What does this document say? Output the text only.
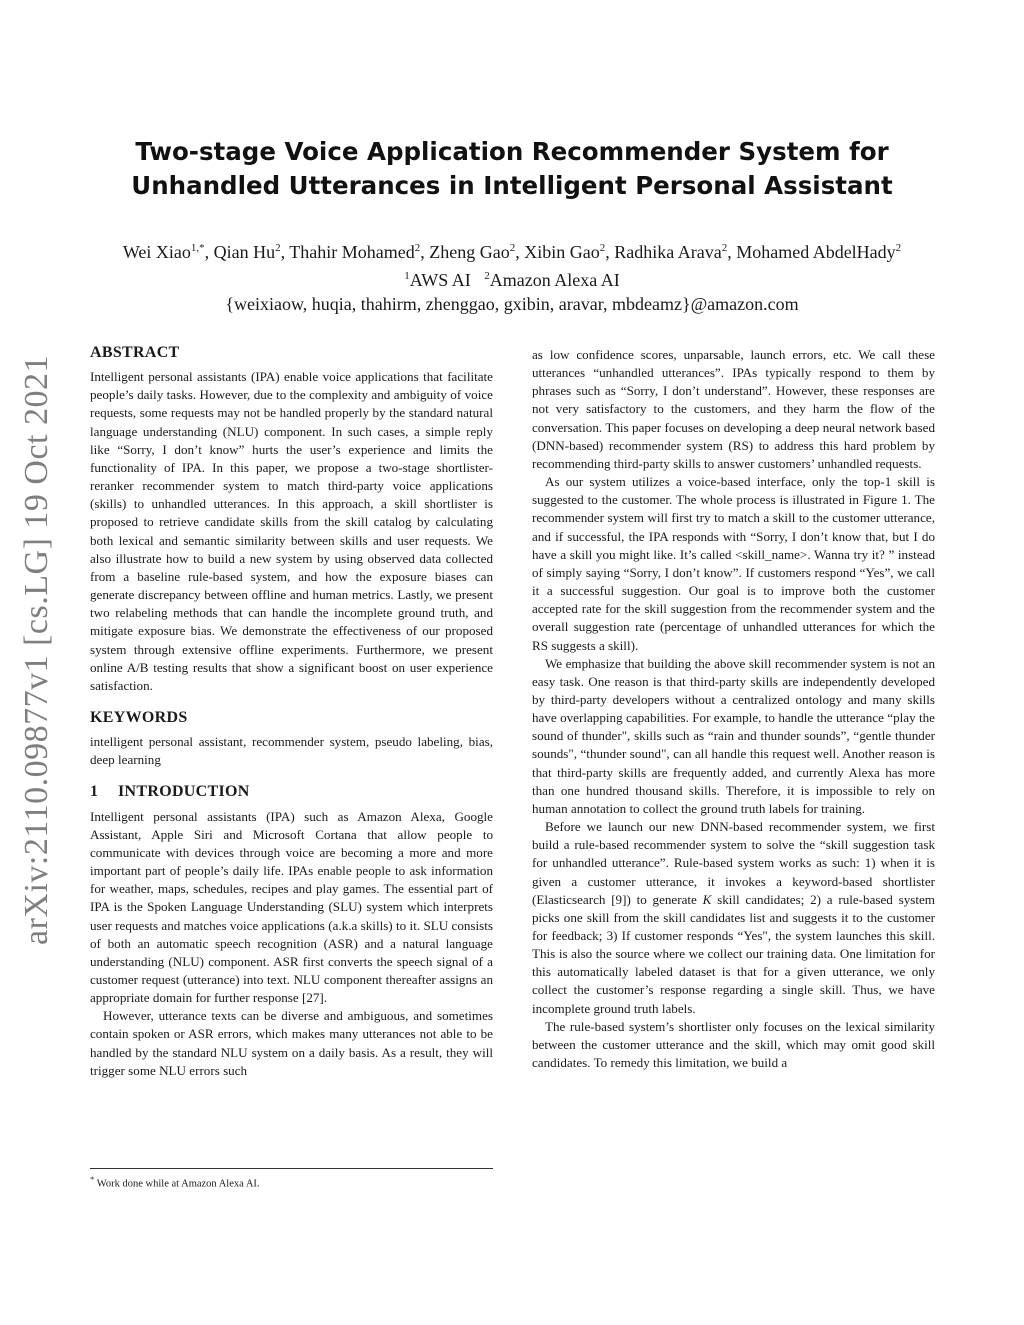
arXiv:2110.09877v1 [cs.LG] 19 Oct 2021
Two-stage Voice Application Recommender System for
Unhandled Utterances in Intelligent Personal Assistant
Wei Xiao$^{1,*}$, Qian Hu$^2$, Thahir Mohamed$^2$, Zheng Gao$^2$, Xibin Gao$^2$, Radhika Arava$^2$, Mohamed AbdelHady$^2$
$^1$AWS AI $^2$Amazon Alexa AI
{weixiaow, huqia, thahirm, zhenggao, gxibin, aravar, mbdeamz}@amazon.com
ABSTRACT

Intelligent personal assistants (IPA) enable voice applications that facilitate people’s daily tasks. However, due to the complexity and ambiguity of voice requests, some requests may not be handled properly by the standard natural language understanding (NLU) component. In such cases, a simple reply like “Sorry, I don’t know” hurts the user’s experience and limits the functionality of IPA. In this paper, we propose a two-stage shortlister-reranker recommender system to match third-party voice applications (skills) to unhandled utterances. In this approach, a skill shortlister is proposed to retrieve candidate skills from the skill catalog by calculating both lexical and semantic similarity between skills and user requests. We also illustrate how to build a new system by using observed data collected from a baseline rule-based system, and how the exposure biases can generate discrepancy between offline and human metrics. Lastly, we present two relabeling methods that can handle the incomplete ground truth, and mitigate exposure bias. We demonstrate the effectiveness of our proposed system through extensive offline experiments. Furthermore, we present online A/B testing results that show a significant boost on user experience satisfaction.

KEYWORDS

intelligent personal assistant, recommender system, pseudo labeling, bias, deep learning

1 INTRODUCTION

Intelligent personal assistants (IPA) such as Amazon Alexa, Google Assistant, Apple Siri and Microsoft Cortana that allow people to communicate with devices through voice are becoming a more and more important part of people’s daily life. IPAs enable people to ask information for weather, maps, schedules, recipes and play games. The essential part of IPA is the Spoken Language Understanding (SLU) system which interprets user requests and matches voice applications (a.k.a skills) to it. SLU consists of both an automatic speech recognition (ASR) and a natural language understanding (NLU) component. ASR first converts the speech signal of a customer request (utterance) into text. NLU component thereafter assigns an appropriate domain for further response [27].

However, utterance texts can be diverse and ambiguous, and sometimes contain spoken or ASR errors, which makes many utterances not able to be handled by the standard NLU system on a daily basis. As a result, they will trigger some NLU errors such

as low confidence scores, unparsable, launch errors, etc. We call these utterances “unhandled utterances”. IPAs typically respond to them by phrases such as “Sorry, I don’t understand”. However, these responses are not very satisfactory to the customers, and they harm the flow of the conversation. This paper focuses on developing a deep neural network based (DNN-based) recommender system (RS) to address this hard problem by recommending third-party skills to answer customers’ unhandled requests.

As our system utilizes a voice-based interface, only the top-1 skill is suggested to the customer. The whole process is illustrated in Figure 1. The recommender system will first try to match a skill to the customer utterance, and if successful, the IPA responds with “Sorry, I don’t know that, but I do have a skill you might like. It’s called <skill_name>. Wanna try it? ” instead of simply saying “Sorry, I don’t know”. If customers respond “Yes”, we call it a successful suggestion. Our goal is to improve both the customer accepted rate for the skill suggestion from the recommender system and the overall suggestion rate (percentage of unhandled utterances for which the RS suggests a skill).

We emphasize that building the above skill recommender system is not an easy task. One reason is that third-party skills are independently developed by third-party developers without a centralized ontology and many skills have overlapping capabilities. For example, to handle the utterance “play the sound of thunder", skills such as “rain and thunder sounds”, “gentle thunder sounds", “thunder sound", can all handle this request well. Another reason is that third-party skills are frequently added, and currently Alexa has more than one hundred thousand skills. Therefore, it is impossible to rely on human annotation to collect the ground truth labels for training.

Before we launch our new DNN-based recommender system, we first build a rule-based recommender system to solve the “skill suggestion task for unhandled utterance”. Rule-based system works as such: 1) when it is given a customer utterance, it invokes a keyword-based shortlister (Elasticsearch [9]) to generate K skill candidates; 2) a rule-based system picks one skill from the skill candidates list and suggests it to the customer for feedback; 3) If customer responds “Yes", the system launches this skill. This is also the source where we collect our training data. One limitation for this automatically labeled dataset is that for a given utterance, we only collect the customer’s response regarding a single skill. Thus, we have incomplete ground truth labels.

The rule-based system’s shortlister only focuses on the lexical similarity between the customer utterance and the skill, which may omit good skill candidates. To remedy this limitation, we build a

* Work done while at Amazon Alexa AI.
